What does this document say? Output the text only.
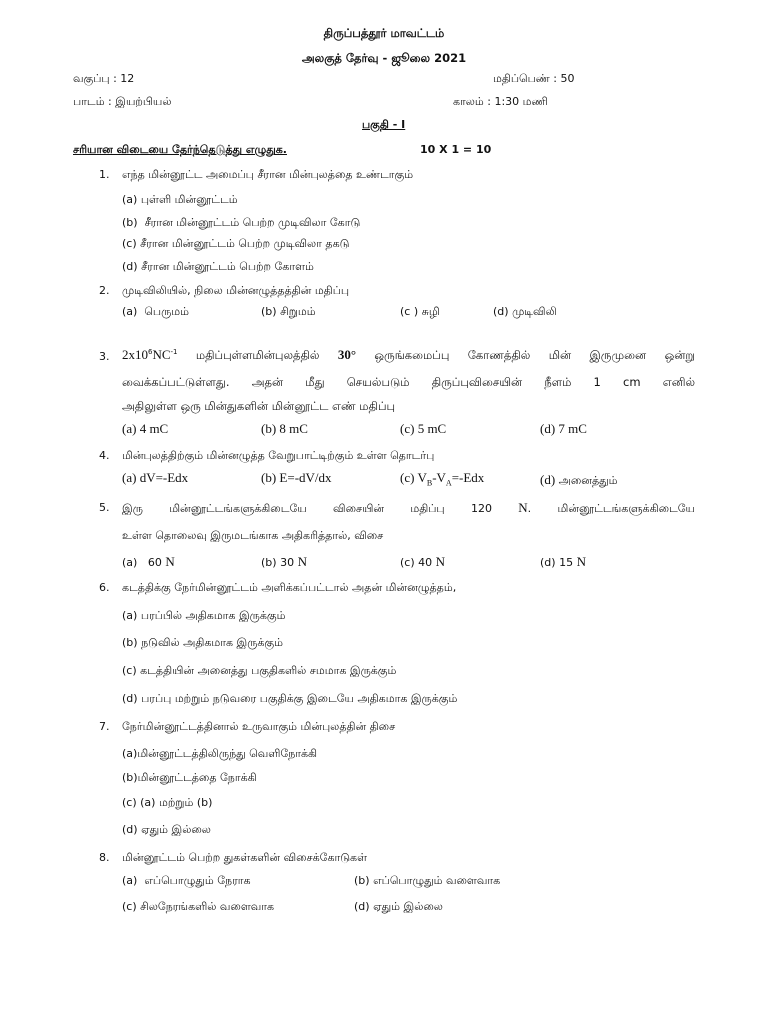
திருப்பத்தூர் மாவட்டம்
அலகுத் தேர்வு - ஜூலை 2021
வகுப்பு : 12	மதிப்பெண் : 50
பாடம் : இயற்பியல்	காலம் : 1:30 மணி
பகுதி - I
சரியான விடையை தேர்ந்தெடுத்து எழுதுக.	10 X 1 = 10
1. எந்த மின்னூட்ட அமைப்பு சீரான மின்புலத்தை உண்டாகும்
(a) புள்ளி மின்னூட்டம்
(b) சீரான மின்னூட்டம் பெற்ற முடிவிலா கோடு
(c) சீரான மின்னூட்டம் பெற்ற முடிவிலா தகடு
(d) சீரான மின்னூட்டம் பெற்ற கோளம்
2. முடிவிலியில், நிலை மின்னழுத்தத்தின் மதிப்பு
(a) பெருமம்	(b) சிறுமம்	(c ) சுழி	(d) முடிவிலி
3. $2x10^6NC^{-1}$ மதிப்புள்ளமின்புலத்தில் 30° ஒருங்கமைப்பு கோணத்தில் மின் இருமுனை ஒன்று
வைக்கப்பட்டுள்ளது. அதன் மீது செயல்படும் திருப்புவிசையின் நீளம் 1 cm எனில்
அதிலுள்ள ஒரு மின்துகளின் மின்னூட்ட எண் மதிப்பு
(a) 4 mC	(b) 8 mC	(c) 5 mC	(d) 7 mC
4. மின்புலத்திற்கும் மின்னழுத்த வேறுபாட்டிற்கும் உள்ள தொடர்பு
(a) dV=-Edx	(b) E=-dV/dx	(c) $V_B-V_A=$-Edx	(d) அனைத்தும்
5. இரு மின்னூட்டங்களுக்கிடையே விசையின் மதிப்பு 120 N. மின்னூட்டங்களுக்கிடையே
உள்ள தொலைவு இருமடங்காக அதிகரித்தால், விசை
(a) 60 N	(b) 30 N	(c) 40 N	(d) 15 N
6. கடத்திக்கு நேர்மின்னூட்டம் அளிக்கப்பட்டால் அதன் மின்னழுத்தம்,
(a) பரப்பில் அதிகமாக இருக்கும்
(b) நடுவில் அதிகமாக இருக்கும்
(c) கடத்தியின் அனைத்து பகுதிகளில் சமமாக இருக்கும்
(d) பரப்பு மற்றும் நடுவரை பகுதிக்கு இடையே அதிகமாக இருக்கும்
7. நேர்மின்னூட்டத்தினால் உருவாகும் மின்புலத்தின் திசை
(a)மின்னூட்டத்திலிருந்து வெளிநோக்கி
(b)மின்னூட்டத்தை நோக்கி
(c) (a) மற்றும் (b)
(d) ஏதும் இல்லை
8. மின்னூட்டம் பெற்ற துகள்களின் விசைக்கோடுகள்
(a) எப்பொழுதும் நேராக	(b) எப்பொழுதும் வளைவாக
(c) சிலநேரங்களில் வளைவாக	(d) ஏதும் இல்லை
